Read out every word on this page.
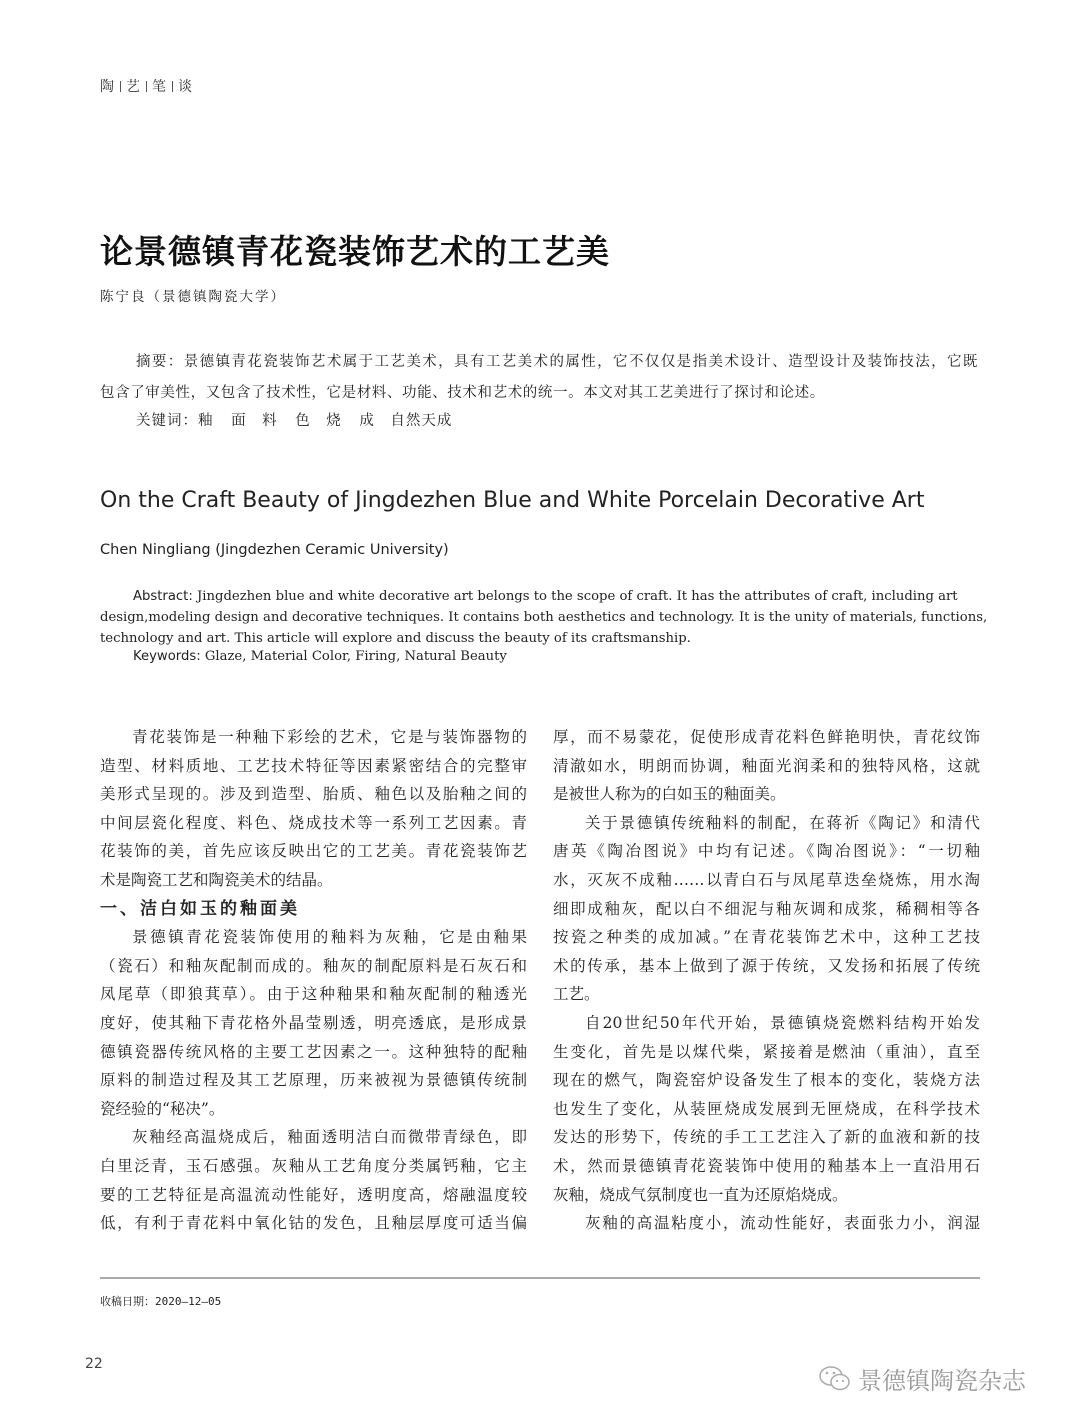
陶 艺 笔 谈
论景德镇青花瓷装饰艺术的工艺美
陈宁良（景德镇陶瓷大学）
摘要：景德镇青花瓷装饰艺术属于工艺美术，具有工艺美术的属性，它不仅仅是指美术设计、造型设计及装饰技法，它既
包含了审美性，又包含了技术性，它是材料、功能、技术和艺术的统一。本文对其工艺美进行了探讨和论述。
关键词：釉 面　料 色　烧 成　自然天成
On the Craft Beauty of Jingdezhen Blue and White Porcelain Decorative Art
Chen Ningliang (Jingdezhen Ceramic University)
Abstract: Jingdezhen blue and white decorative art belongs to the scope of craft. It has the attributes of craft, including art
design,modeling design and decorative techniques. It contains both aesthetics and technology. It is the unity of materials, functions,
technology and art. This article will explore and discuss the beauty of its craftsmanship.
Keywords: Glaze, Material Color, Firing, Natural Beauty
青花装饰是一种釉下彩绘的艺术，它是与装饰器物的
造型、材料质地、工艺技术特征等因素紧密结合的完整审
美形式呈现的。涉及到造型、胎质、釉色以及胎釉之间的
中间层瓷化程度、料色、烧成技术等一系列工艺因素。青
花装饰的美，首先应该反映出它的工艺美。青花瓷装饰艺
术是陶瓷工艺和陶瓷美术的结晶。
一、洁白如玉的釉面美
景德镇青花瓷装饰使用的釉料为灰釉，它是由釉果
（瓷石）和釉灰配制而成的。釉灰的制配原料是石灰石和
凤尾草（即狼萁草）。由于这种釉果和釉灰配制的釉透光
度好，使其釉下青花格外晶莹剔透，明亮透底，是形成景
德镇瓷器传统风格的主要工艺因素之一。这种独特的配釉
原料的制造过程及其工艺原理，历来被视为景德镇传统制
瓷经验的“秘决”。
灰釉经高温烧成后，釉面透明洁白而微带青绿色，即
白里泛青，玉石感强。灰釉从工艺角度分类属钙釉，它主
要的工艺特征是高温流动性能好，透明度高，熔融温度较
低，有利于青花料中氧化钴的发色，且釉层厚度可适当偏
厚，而不易蒙花，促使形成青花料色鲜艳明快，青花纹饰
清澈如水，明朗而协调，釉面光润柔和的独特风格，这就
是被世人称为的白如玉的釉面美。
关于景德镇传统釉料的制配，在蒋祈《陶记》和清代
唐英《陶冶图说》中均有记述。《陶冶图说》：“一切釉
水，灭灰不成釉……以青白石与凤尾草迭垒烧炼，用水淘
细即成釉灰，配以白不细泥与釉灰调和成浆，稀稠相等各
按瓷之种类的成加减。”在青花装饰艺术中，这种工艺技
术的传承，基本上做到了源于传统，又发扬和拓展了传统
工艺。
自20世纪50年代开始，景德镇烧瓷燃料结构开始发
生变化，首先是以煤代柴，紧接着是燃油（重油），直至
现在的燃气，陶瓷窑炉设备发生了根本的变化，装烧方法
也发生了变化，从装匣烧成发展到无匣烧成，在科学技术
发达的形势下，传统的手工工艺注入了新的血液和新的技
术，然而景德镇青花瓷装饰中使用的釉基本上一直沿用石
灰釉，烧成气氛制度也一直为还原焰烧成。
灰釉的高温粘度小，流动性能好，表面张力小，润湿
收稿日期：2020—12—05
22
景德镇陶瓷杂志
